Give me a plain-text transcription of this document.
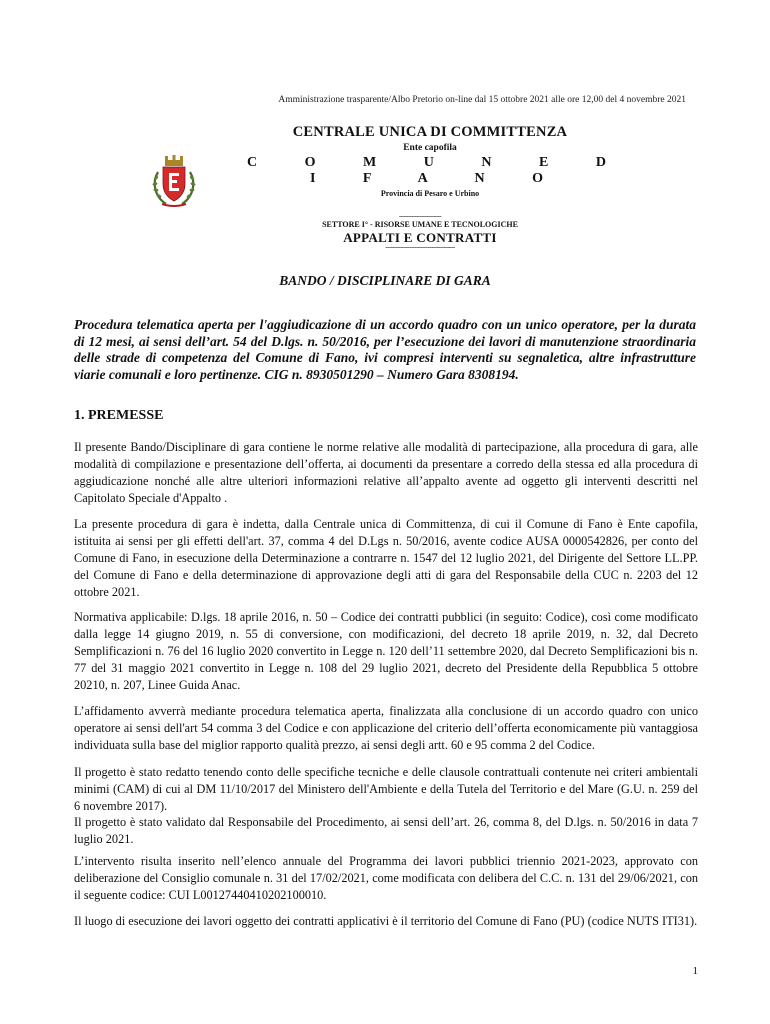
Amministrazione trasparente/Albo Pretorio on-line dal 15 ottobre 2021 alle ore 12,00 del 4 novembre 2021
CENTRALE UNICA DI COMMITTENZA
Ente capofila
C O M U N E D I F A N O
Provincia di Pesaro e Urbino
-----------------------
SETTORE I° - RISORSE UMANE E TECNOLOGICHE
APPALTI E CONTRATTI
--------------------------------------
BANDO / DISCIPLINARE DI GARA
Procedura telematica aperta per l'aggiudicazione di un accordo quadro con un unico operatore, per la durata di 12 mesi, ai sensi dell’art. 54 del D.lgs. n. 50/2016, per l’esecuzione dei lavori di manutenzione straordinaria delle strade di competenza del Comune di Fano, ivi compresi interventi su segnaletica, altre infrastrutture viarie comunali e loro pertinenze. CIG n. 8930501290 – Numero Gara 8308194.
1. PREMESSE
Il presente Bando/Disciplinare di gara contiene le norme relative alle modalità di partecipazione, alla procedura di gara, alle modalità di compilazione e presentazione dell’offerta, ai documenti da presentare a corredo della stessa ed alla procedura di aggiudicazione nonché alle altre ulteriori informazioni relative all’appalto avente ad oggetto gli interventi descritti nel Capitolato Speciale d'Appalto .
La presente procedura di gara è indetta, dalla Centrale unica di Committenza, di cui il Comune di Fano è Ente capofila, istituita ai sensi per gli effetti dell'art. 37, comma 4 del D.Lgs n. 50/2016, avente codice AUSA 0000542826, per conto del Comune di Fano, in esecuzione della Determinazione a contrarre n. 1547 del 12 luglio 2021, del Dirigente del Settore LL.PP. del Comune di Fano e della determinazione di approvazione degli atti di gara del Responsabile della CUC n. 2203 del 12 ottobre 2021.
Normativa applicabile: D.lgs. 18 aprile 2016, n. 50 – Codice dei contratti pubblici (in seguito: Codice), così come modificato dalla legge 14 giugno 2019, n. 55 di conversione, con modificazioni, del decreto 18 aprile 2019, n. 32, dal Decreto Semplificazioni n. 76 del 16 luglio 2020 convertito in Legge n. 120 dell’11 settembre 2020, dal Decreto Semplificazioni bis n. 77 del 31 maggio 2021 convertito in Legge n. 108 del 29 luglio 2021, decreto del Presidente della Repubblica 5 ottobre 20210, n. 207, Linee Guida Anac.
L’affidamento avverrà mediante procedura telematica aperta, finalizzata alla conclusione di un accordo quadro con unico operatore ai sensi dell'art 54 comma 3 del Codice e con applicazione del criterio dell’offerta economicamente più vantaggiosa individuata sulla base del miglior rapporto qualità prezzo, ai sensi degli artt. 60 e 95 comma 2 del Codice.
Il progetto è stato redatto tenendo conto delle specifiche tecniche e delle clausole contrattuali contenute nei criteri ambientali minimi (CAM) di cui al DM 11/10/2017 del Ministero dell'Ambiente e della Tutela del Territorio e del Mare (G.U. n. 259 del 6 novembre 2017).
Il progetto è stato validato dal Responsabile del Procedimento, ai sensi dell’art. 26, comma 8, del D.lgs. n. 50/2016 in data 7 luglio 2021.
L’intervento risulta inserito nell’elenco annuale del Programma dei lavori pubblici triennio 2021-2023, approvato con deliberazione del Consiglio comunale n. 31 del 17/02/2021, come modificata con delibera del C.C. n. 131 del 29/06/2021, con il seguente codice: CUI L00127440410202100010.
Il luogo di esecuzione dei lavori oggetto dei contratti applicativi è il territorio del Comune di Fano (PU) (codice NUTS ITI31).
1
